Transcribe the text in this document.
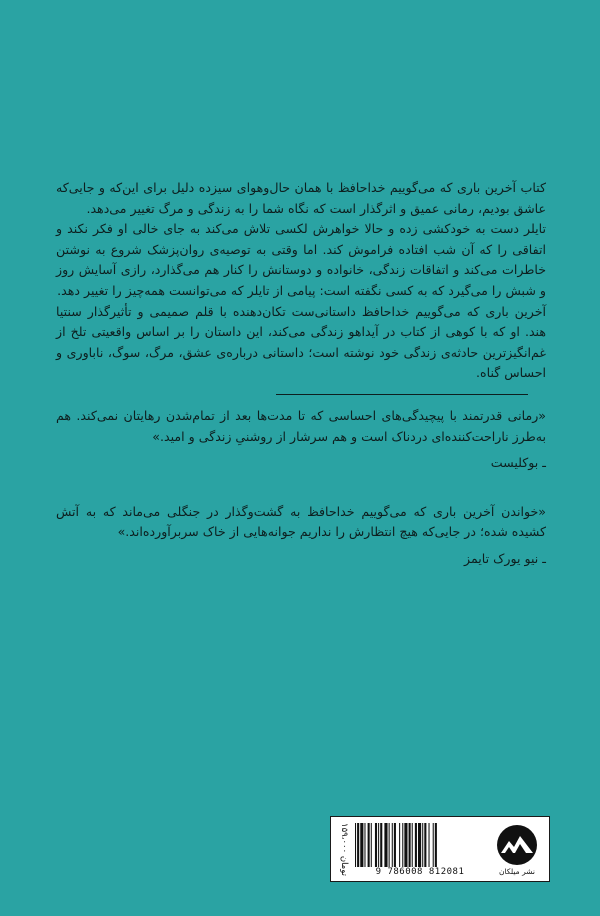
کتاب آخرین باری که می‌گوییم خداحافظ با همان حال‌وهوای سیزده دلیل برای این‌که و جایی‌که عاشق بودیم، رمانی عمیق و اثرگذار است که نگاه شما را به زندگی و مرگ تغییر می‌دهد.

تایلر دست به خودکشی زده و حالا خواهرش لکسی تلاش می‌کند به جای خالی او فکر نکند و اتفاقی را که آن شب افتاده فراموش کند. اما وقتی به توصیه‌ی روان‌پزشک شروع به نوشتن خاطرات می‌کند و اتفاقات زندگی، خانواده و دوستانش را کنار هم می‌گذارد، رازی آسایش روز و شبش را می‌گیرد که به کسی نگفته است: پیامی از تایلر که می‌توانست همه‌چیز را تغییر دهد.

آخرین باری که می‌گوییم خداحافظ داستانی‌ست تکان‌دهنده با قلم صمیمی و تأثیرگذار سنتیا هند. او که با کوهی از کتاب در آیداهو زندگی می‌کند، این داستان را بر اساس واقعیتی تلخ از غم‌انگیزترین حادثه‌ی زندگی خود نوشته است؛ داستانی درباره‌ی عشق، مرگ، سوگ، ناباوری و احساس گناه.

«رمانی قدرتمند با پیچیدگی‌های احساسی که تا مدت‌ها بعد از تمام‌شدن رهایتان نمی‌کند. هم به‌طرز ناراحت‌کننده‌ای دردناک است و هم سرشار از روشنیِ زندگی و امید.»

ـ بوکلیست

«خواندن آخرین باری که می‌گوییم خداحافظ به گشت‌وگذار در جنگلی می‌ماند که به آتش کشیده شده؛ در جایی‌که هیچ انتظارش را نداریم جوانه‌هایی از خاک سربرآورده‌اند.»

ـ نیو یورک تایمز

۱۵۹،۰۰۰ تومان	9 786008 812081	نشر میلکان
